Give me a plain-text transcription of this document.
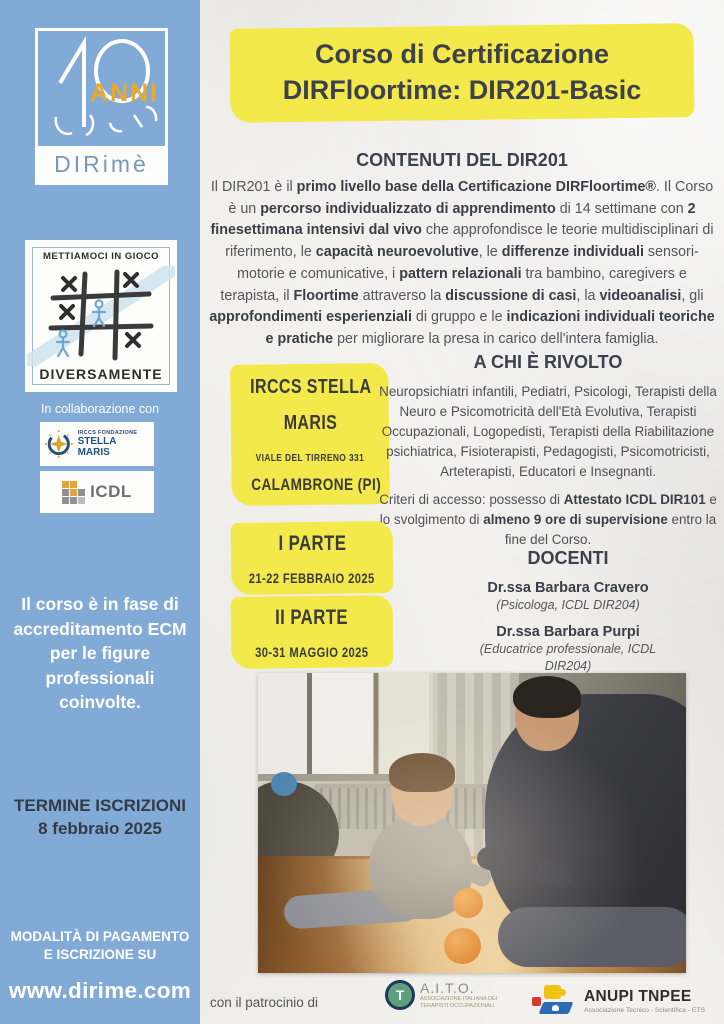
ANNI
DIRimè
METTIAMOCI IN GIOCO
DIVERSAMENTE
In collaborazione con
IRCCS FONDAZIONE
STELLA MARIS
ICDL
Il corso è in fase di accreditamento ECM per le figure professionali coinvolte.
TERMINE ISCRIZIONI
8 febbraio 2025
MODALITÀ DI PAGAMENTO E ISCRIZIONE SU
www.dirime.com
Corso di Certificazione
DIRFloortime: DIR201-Basic
CONTENUTI DEL DIR201
Il DIR201 è il primo livello base della Certificazione DIRFloortime®. Il Corso è un percorso individualizzato di apprendimento di 14 settimane con 2 finesettimana intensivi dal vivo che approfondisce le teorie multidisciplinari di riferimento, le capacità neuroevolutive, le differenze individuali sensori-motorie e comunicative, i pattern relazionali tra bambino, caregivers e terapista, il Floortime attraverso la discussione di casi, la videoanalisi, gli approfondimenti esperienziali di gruppo e le indicazioni individuali teoriche e pratiche per migliorare la presa in carico dell'intera famiglia.
IRCCS STELLA
MARIS
VIALE DEL TIRRENO 331
CALAMBRONE (PI)
A CHI È RIVOLTO
Neuropsichiatri infantili, Pediatri, Psicologi, Terapisti della Neuro e Psicomotricità dell'Età Evolutiva, Terapisti Occupazionali, Logopedisti, Terapisti della Riabilitazione psichiatrica, Fisioterapisti, Pedagogisti, Psicomotricisti, Arteterapisti, Educatori e Insegnanti.
Criteri di accesso: possesso di Attestato ICDL DIR101 e lo svolgimento di almeno 9 ore di supervisione entro la fine del Corso.
I PARTE
21-22 FEBBRAIO 2025
II PARTE
30-31 MAGGIO 2025
DOCENTI
Dr.ssa Barbara Cravero
(Psicologa, ICDL DIR204)
Dr.ssa Barbara Purpi
(Educatrice professionale, ICDL DIR204)
con il patrocinio di	T	A.I.T.O.
ASSOCIAZIONE ITALIANA DEI TERAPISTI OCCUPAZIONALI
ANUPI TNPEE
Associazione Tecnico - Scientifica - ETS
